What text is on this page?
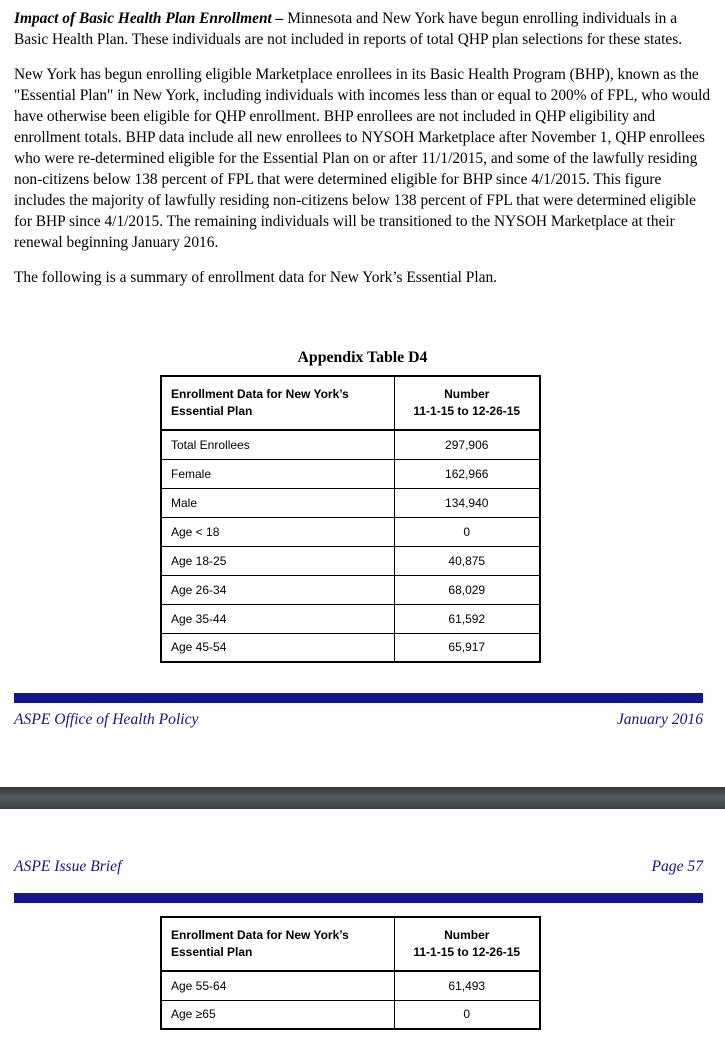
Impact of Basic Health Plan Enrollment – Minnesota and New York have begun enrolling individuals in a Basic Health Plan. These individuals are not included in reports of total QHP plan selections for these states.

New York has begun enrolling eligible Marketplace enrollees in its Basic Health Program (BHP), known as the "Essential Plan" in New York, including individuals with incomes less than or equal to 200% of FPL, who would have otherwise been eligible for QHP enrollment. BHP enrollees are not included in QHP eligibility and enrollment totals. BHP data include all new enrollees to NYSOH Marketplace after November 1, QHP enrollees who were re-determined eligible for the Essential Plan on or after 11/1/2015, and some of the lawfully residing non-citizens below 138 percent of FPL that were determined eligible for BHP since 4/1/2015. This figure includes the majority of lawfully residing non-citizens below 138 percent of FPL that were determined eligible for BHP since 4/1/2015. The remaining individuals will be transitioned to the NYSOH Marketplace at their renewal beginning January 2016.

The following is a summary of enrollment data for New York’s Essential Plan.

Appendix Table D4
Enrollment Data for New York’s Essential Plan	Number
11-1-15 to 12-26-15

Total Enrollees	297,906
Female	162,966
Male	134,940
Age < 18	0
Age 18-25	40,875
Age 26-34	68,029
Age 35-44	61,592
Age 45-54	65,917
ASPE Office of Health Policy	January 2016
ASPE Issue Brief	Page 57
Enrollment Data for New York’s Essential Plan	Number
11-1-15 to 12-26-15

Age 55-64	61,493
Age ≥65	0
